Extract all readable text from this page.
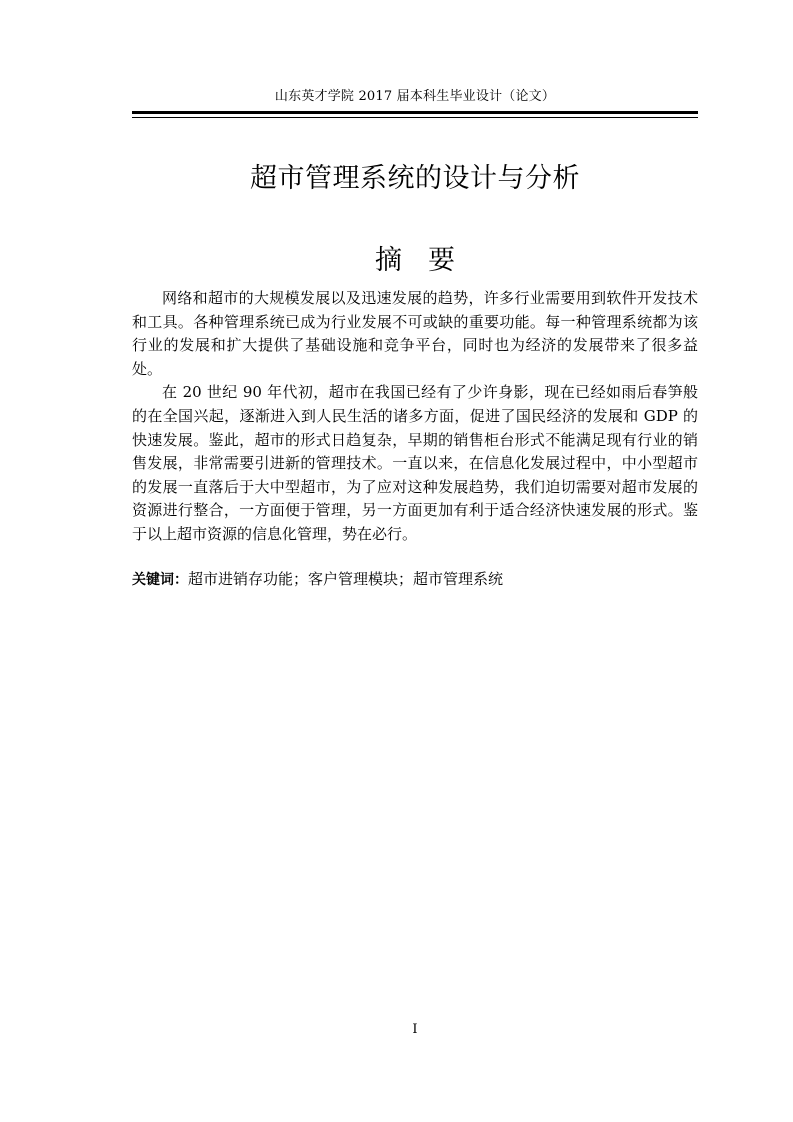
山东英才学院 2017 届本科生毕业设计（论文）
超市管理系统的设计与分析
摘 要

网络和超市的大规模发展以及迅速发展的趋势，许多行业需要用到软件开发技术和工具。各种管理系统已成为行业发展不可或缺的重要功能。每一种管理系统都为该行业的发展和扩大提供了基础设施和竞争平台，同时也为经济的发展带来了很多益处。

在 20 世纪 90 年代初，超市在我国已经有了少许身影，现在已经如雨后春笋般的在全国兴起，逐渐进入到人民生活的诸多方面，促进了国民经济的发展和 GDP 的快速发展。鉴此，超市的形式日趋复杂，早期的销售柜台形式不能满足现有行业的销售发展，非常需要引进新的管理技术。一直以来，在信息化发展过程中，中小型超市的发展一直落后于大中型超市，为了应对这种发展趋势，我们迫切需要对超市发展的资源进行整合，一方面便于管理，另一方面更加有利于适合经济快速发展的形式。鉴于以上超市资源的信息化管理，势在必行。

关键词：超市进销存功能；客户管理模块；超市管理系统
I
